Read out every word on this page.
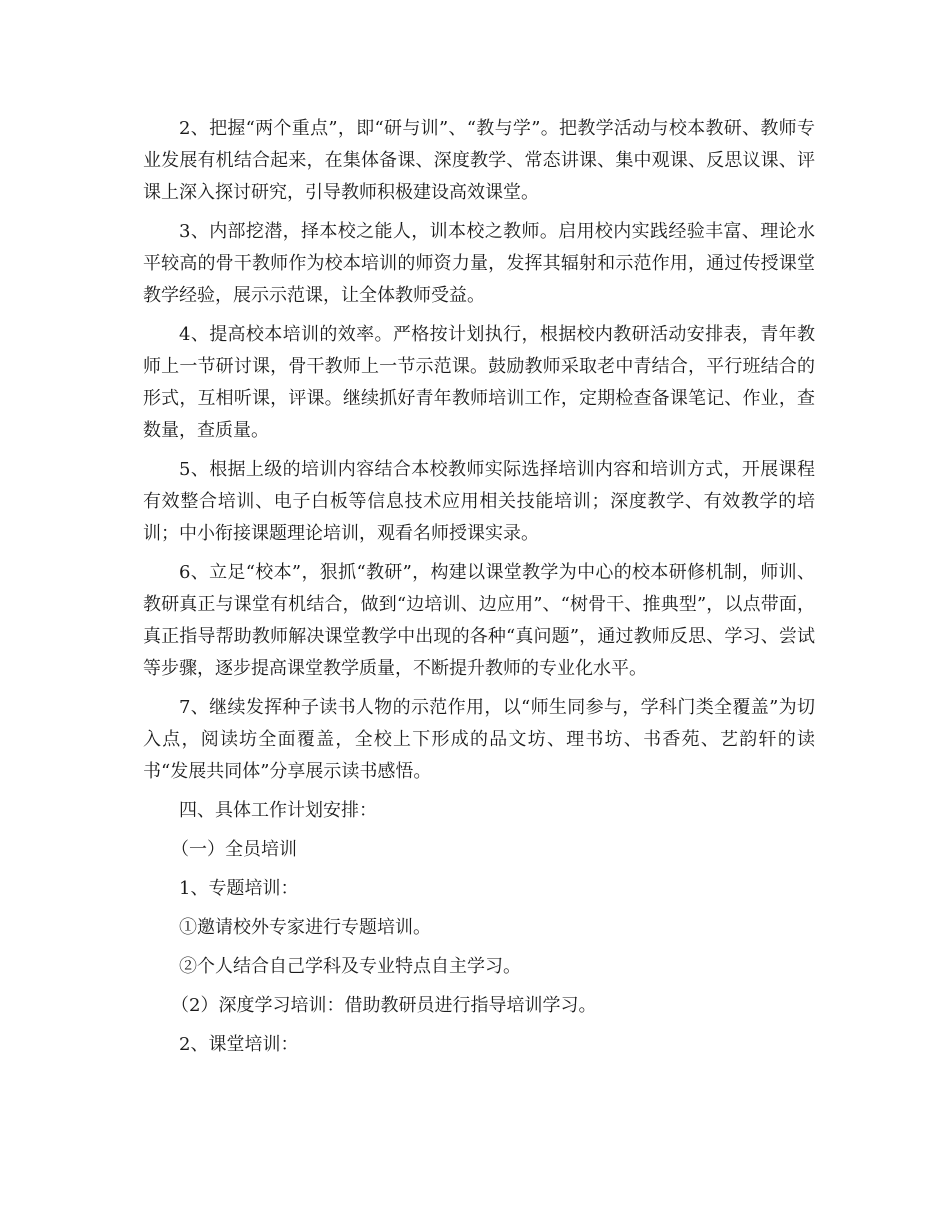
2、把握“两个重点”，即“研与训”、“教与学”。把教学活动与校本教研、教师专业发展有机结合起来，在集体备课、深度教学、常态讲课、集中观课、反思议课、评课上深入探讨研究，引导教师积极建设高效课堂。

3、内部挖潜，择本校之能人，训本校之教师。启用校内实践经验丰富、理论水平较高的骨干教师作为校本培训的师资力量，发挥其辐射和示范作用，通过传授课堂教学经验，展示示范课，让全体教师受益。

4、提高校本培训的效率。严格按计划执行，根据校内教研活动安排表，青年教师上一节研讨课，骨干教师上一节示范课。鼓励教师采取老中青结合，平行班结合的形式，互相听课，评课。继续抓好青年教师培训工作，定期检查备课笔记、作业，查数量，查质量。

5、根据上级的培训内容结合本校教师实际选择培训内容和培训方式，开展课程有效整合培训、电子白板等信息技术应用相关技能培训；深度教学、有效教学的培训；中小衔接课题理论培训，观看名师授课实录。

6、立足“校本”，狠抓“教研”，构建以课堂教学为中心的校本研修机制，师训、教研真正与课堂有机结合，做到“边培训、边应用”、“树骨干、推典型”，以点带面，真正指导帮助教师解决课堂教学中出现的各种“真问题”，通过教师反思、学习、尝试等步骤，逐步提高课堂教学质量，不断提升教师的专业化水平。

7、继续发挥种子读书人物的示范作用，以“师生同参与，学科门类全覆盖”为切入点，阅读坊全面覆盖，全校上下形成的品文坊、理书坊、书香苑、艺韵轩的读书“发展共同体”分享展示读书感悟。

四、具体工作计划安排：

（一）全员培训

1、专题培训：

①邀请校外专家进行专题培训。

②个人结合自己学科及专业特点自主学习。

（2）深度学习培训：借助教研员进行指导培训学习。

2、课堂培训：
